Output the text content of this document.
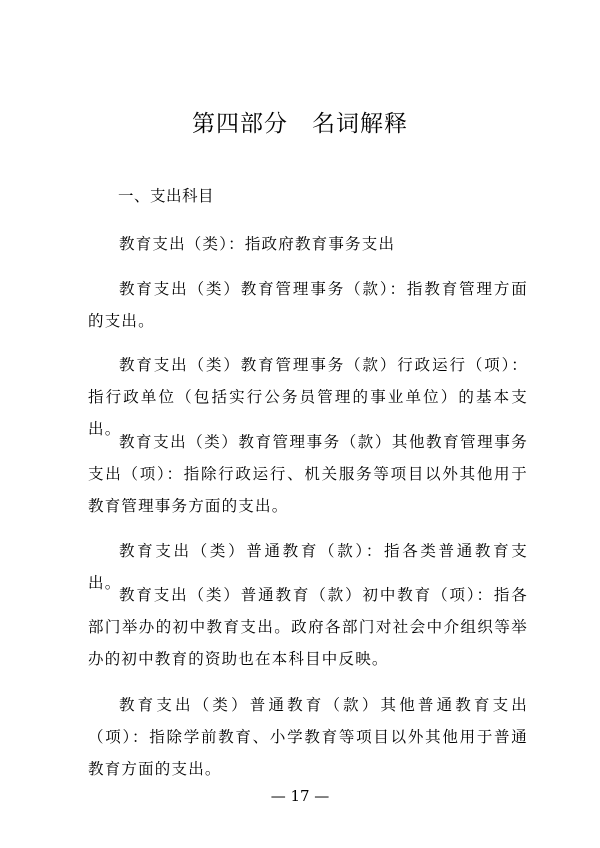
第四部分　名词解释
一、支出科目
教育支出（类）：指政府教育事务支出
教育支出（类）教育管理事务（款）：指教育管理方面的支出。
教育支出（类）教育管理事务（款）行政运行（项）：指行政单位（包括实行公务员管理的事业单位）的基本支出。
教育支出（类）教育管理事务（款）其他教育管理事务支出（项）：指除行政运行、机关服务等项目以外其他用于教育管理事务方面的支出。
教育支出（类）普通教育（款）：指各类普通教育支出。
教育支出（类）普通教育（款）初中教育（项）：指各部门举办的初中教育支出。政府各部门对社会中介组织等举办的初中教育的资助也在本科目中反映。
教育支出（类）普通教育（款）其他普通教育支出（项）：指除学前教育、小学教育等项目以外其他用于普通教育方面的支出。
— 17 —
